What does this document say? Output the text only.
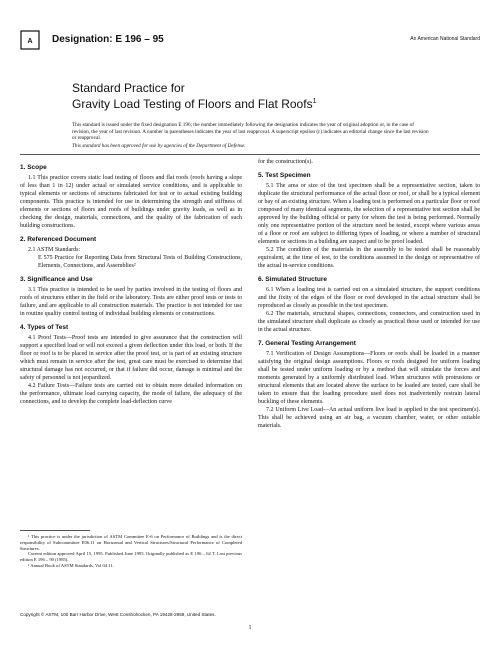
A Designation: E 196 – 95	An American National Standard
Standard Practice for
Gravity Load Testing of Floors and Flat Roofs$^1$
This standard is issued under the fixed designation E 196; the number immediately following the designation indicates the year of original adoption or, in the case of revision, the year of last revision. A number in parentheses indicates the year of last reapproval. A superscript epsilon (ε) indicates an editorial change since the last revision or reapproval.
This standard has been approved for use by agencies of the Department of Defense.
1. Scope
1.1 This practice covers static load testing of floors and flat roofs (roofs having a slope of less than 1 in 12) under actual or simulated service conditions, and is applicable to typical elements or sections of structures fabricated for test or to actual existing building components. This practice is intended for use in determining the strength and stiffness of elements or sections of floors and roofs of buildings under gravity loads, as well as in checking the design, materials, connections, and the quality of the fabrication of such building constructions.
2. Referenced Document
2.1 ASTM Standards:
E 575 Practice for Reporting Data from Structural Tests of Building Constructions, Elements, Connections, and Assemblies²
3. Significance and Use
3.1 This practice is intended to be used by parties involved in the testing of floors and roofs of structures either in the field or the laboratory. Tests are either proof tests or tests to failure, and are applicable to all construction materials. The practice is not intended for use in routine quality control testing of individual building elements or constructions.
4. Types of Test
4.1 Proof Tests—Proof tests are intended to give assurance that the construction will support a specified load or will not exceed a given deflection under this load, or both. If the floor or roof is to be placed in service after the proof test, or is part of an existing structure which must remain in service after the test, great care must be exercised to determine that structural damage has not occurred, or that if failure did occur, damage is minimal and the safety of personnel is not jeopardized.
4.2 Failure Tests—Failure tests are carried out to obtain more detailed information on the performance, ultimate load carrying capacity, the mode of failure, the adequacy of the connections, and to develop the complete load-deflection curve
for the construction(s).
5. Test Specimen
5.1 The area or size of the test specimen shall be a representative section, taken to duplicate the structural performance of the actual floor or roof, or shall be a typical element or bay of an existing structure. When a loading test is performed on a particular floor or roof composed of many identical segments, the selection of a representative test section shall be approved by the building official or party for whom the test is being performed. Normally only one representative portion of the structure need be tested, except where various areas of a floor or roof are subject to differing types of loading, or where a number of structural elements or sections in a building are suspect and to be proof loaded.
5.2 The condition of the materials in the assembly to be tested shall be reasonably equivalent, at the time of test, to the conditions assumed in the design or representative of the actual in-service conditions.
6. Simulated Structure
6.1 When a loading test is carried out on a simulated structure, the support conditions and the fixity of the edges of the floor or roof developed in the actual structure shall be reproduced as closely as possible in the test specimen.
6.2 The materials, structural shapes, connections, connectors, and construction used in the simulated structure shall duplicate as closely as practical those used or intended for use in the actual structure.
7. General Testing Arrangement
7.1 Verification of Design Assumptions—Floors or roofs shall be loaded in a manner satisfying the original design assumptions. Floors or roofs designed for uniform loading shall be tested under uniform loading or by a method that will simulate the forces and moments generated by a uniformly distributed load. When structures with protrusions or structural elements that are located above the surface to be loaded are tested, care shall be taken to ensure that the loading procedure used does not inadvertently restrain lateral buckling of these elements.
7.2 Uniform Live Load—An actual uniform live load is applied to the test specimen(s). This shall be achieved using an air bag, a vacuum chamber, water, or other suitable materials.
¹ This practice is under the jurisdiction of ASTM Committee E-6 on Performance of Buildings and is the direct responsibility of Subcommittee E06.11 on Horizontal and Vertical Structures/Structural Performance of Completed Structures.
Current edition approved April 15, 1995. Published June 1995. Originally published as E 196 – 62 T. Last previous edition E 196 – 90 (1985).
² Annual Book of ASTM Standards, Vol 04.11.
Copyright © ASTM, 100 Barr Harbor Drive, West Conshohocken, PA 19428-2959, United States.
1
